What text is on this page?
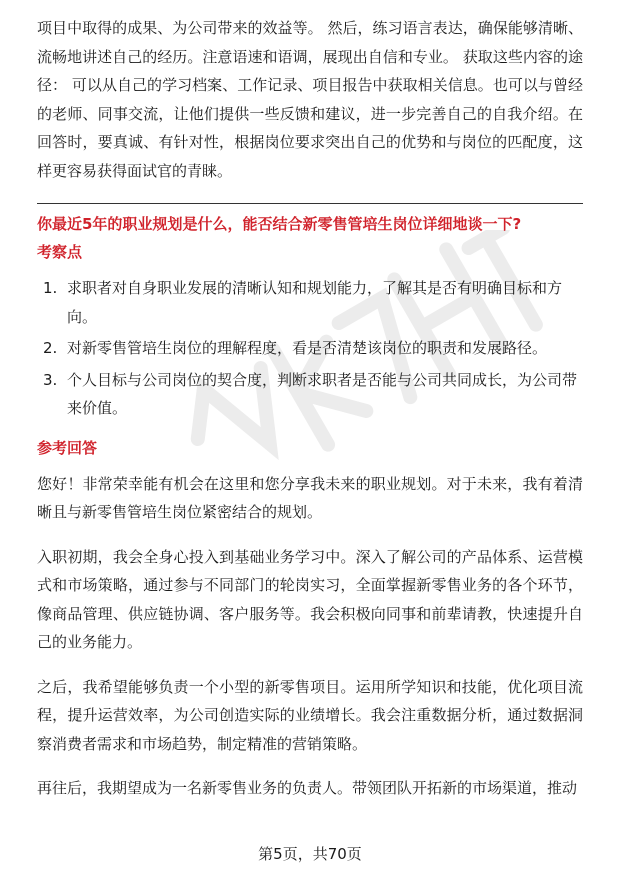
项目中取得的成果、为公司带来的效益等。 然后，练习语言表达，确保能够清晰、流畅地讲述自己的经历。注意语速和语调，展现出自信和专业。 获取这些内容的途径： 可以从自己的学习档案、工作记录、项目报告中获取相关信息。也可以与曾经的老师、同事交流，让他们提供一些反馈和建议，进一步完善自己的自我介绍。在回答时，要真诚、有针对性，根据岗位要求突出自己的优势和与岗位的匹配度，这样更容易获得面试官的青睐。

你最近5年的职业规划是什么，能否结合新零售管培生岗位详细地谈一下?

考察点

1. 求职者对自身职业发展的清晰认知和规划能力，了解其是否有明确目标和方向。
2. 对新零售管培生岗位的理解程度，看是否清楚该岗位的职责和发展路径。
3. 个人目标与公司岗位的契合度，判断求职者是否能与公司共同成长，为公司带来价值。

参考回答

您好！非常荣幸能有机会在这里和您分享我未来的职业规划。对于未来，我有着清晰且与新零售管培生岗位紧密结合的规划。

入职初期，我会全身心投入到基础业务学习中。深入了解公司的产品体系、运营模式和市场策略，通过参与不同部门的轮岗实习，全面掌握新零售业务的各个环节，像商品管理、供应链协调、客户服务等。我会积极向同事和前辈请教，快速提升自己的业务能力。

之后，我希望能够负责一个小型的新零售项目。运用所学知识和技能，优化项目流程，提升运营效率，为公司创造实际的业绩增长。我会注重数据分析，通过数据洞察消费者需求和市场趋势，制定精准的营销策略。

再往后，我期望成为一名新零售业务的负责人。带领团队开拓新的市场渠道，推动

第5页，共70页
